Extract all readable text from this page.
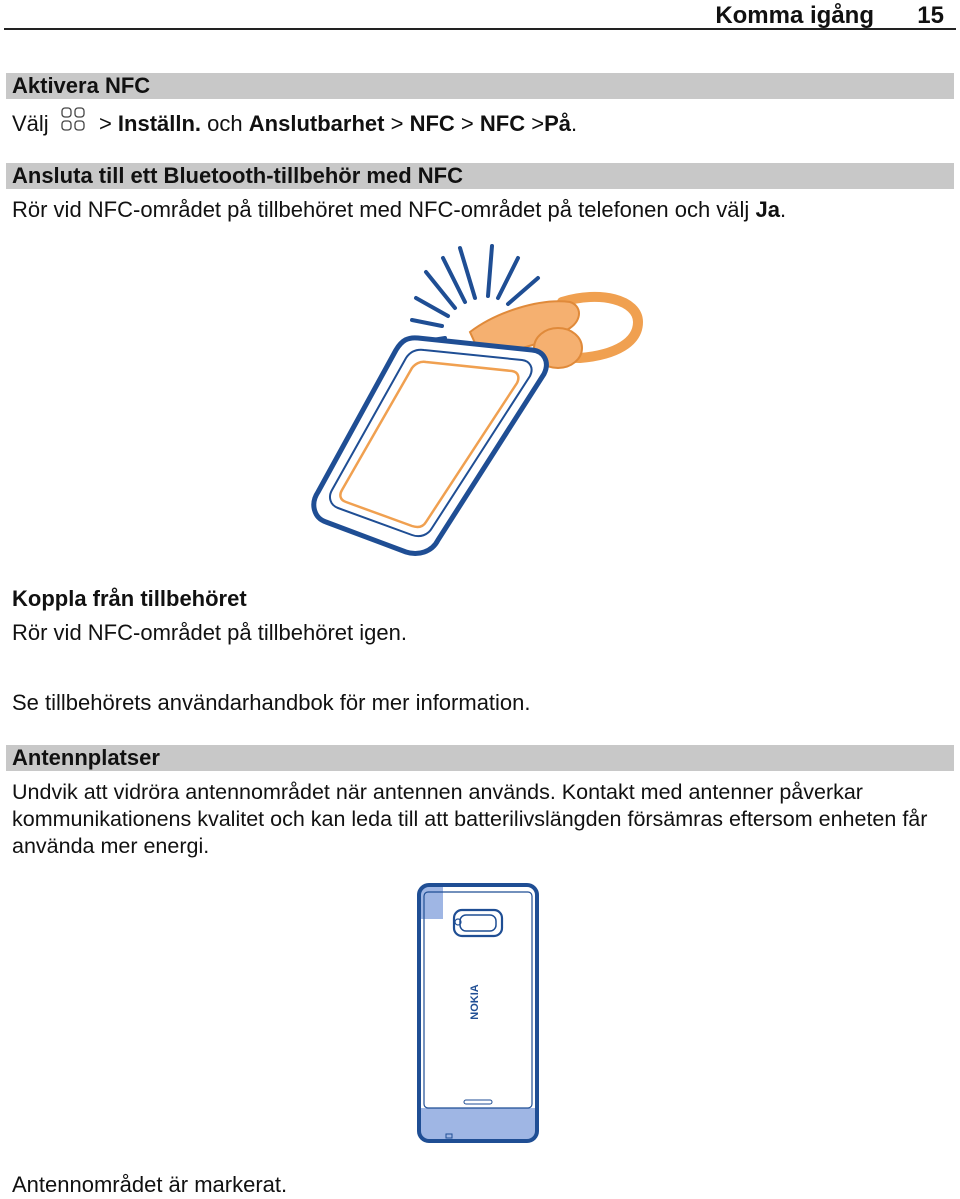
Komma igång 15
Aktivera NFC
Välj > Inställn. och Anslutbarhet > NFC > NFC >På.
Ansluta till ett Bluetooth-tillbehör med NFC
Rör vid NFC-området på tillbehöret med NFC-området på telefonen och välj Ja.
Koppla från tillbehöret
Rör vid NFC-området på tillbehöret igen.
Se tillbehörets användarhandbok för mer information.
Antennplatser
Undvik att vidröra antennområdet när antennen används. Kontakt med antenner påverkar kommunikationens kvalitet och kan leda till att batterilivslängden försämras eftersom enheten får använda mer energi.
NOKIA
Antennområdet är markerat.
